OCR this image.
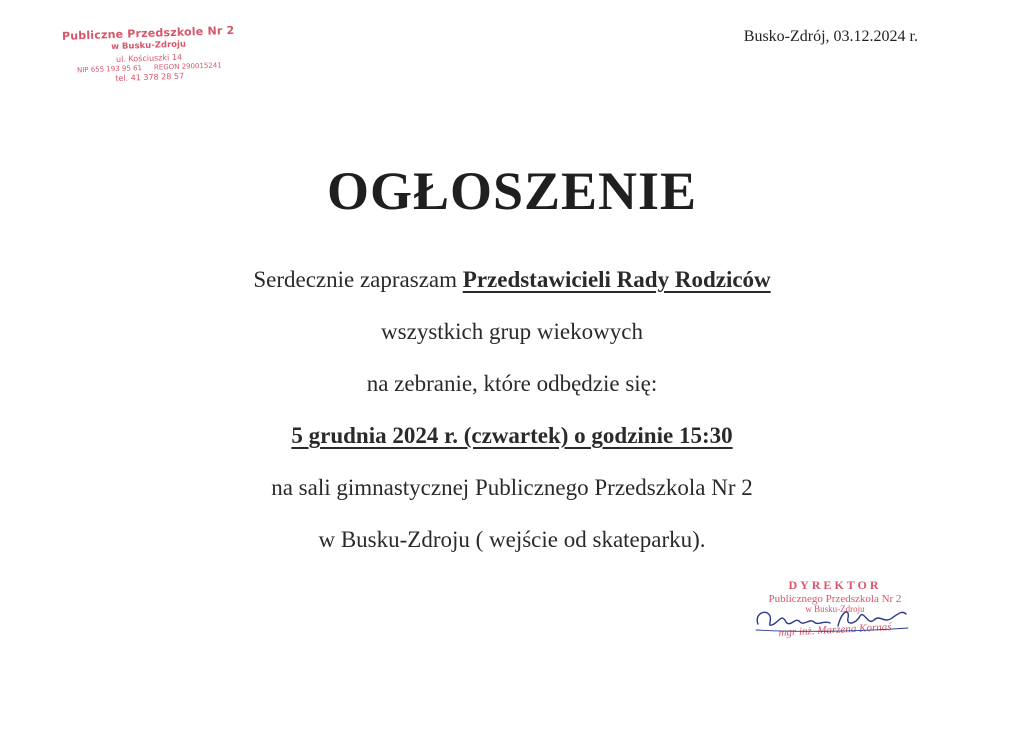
Publiczne Przedszkole Nr 2
w Busku-Zdroju
ul. Kościuszki 14
NIP 655 193 95 61 REGON 290015241
tel. 41 378 28 57
Busko-Zdrój, 03.12.2024 r.
OGŁOSZENIE
Serdecznie zapraszam Przedstawicieli Rady Rodziców
wszystkich grup wiekowych
na zebranie, które odbędzie się:
5 grudnia 2024 r. (czwartek) o godzinie 15:30
na sali gimnastycznej Publicznego Przedszkola Nr 2
w Busku-Zdroju ( wejście od skateparku).
DYREKTOR
Publicznego Przedszkola Nr 2
w Busku-Zdroju
mgr inż. Marzena Kornaś
